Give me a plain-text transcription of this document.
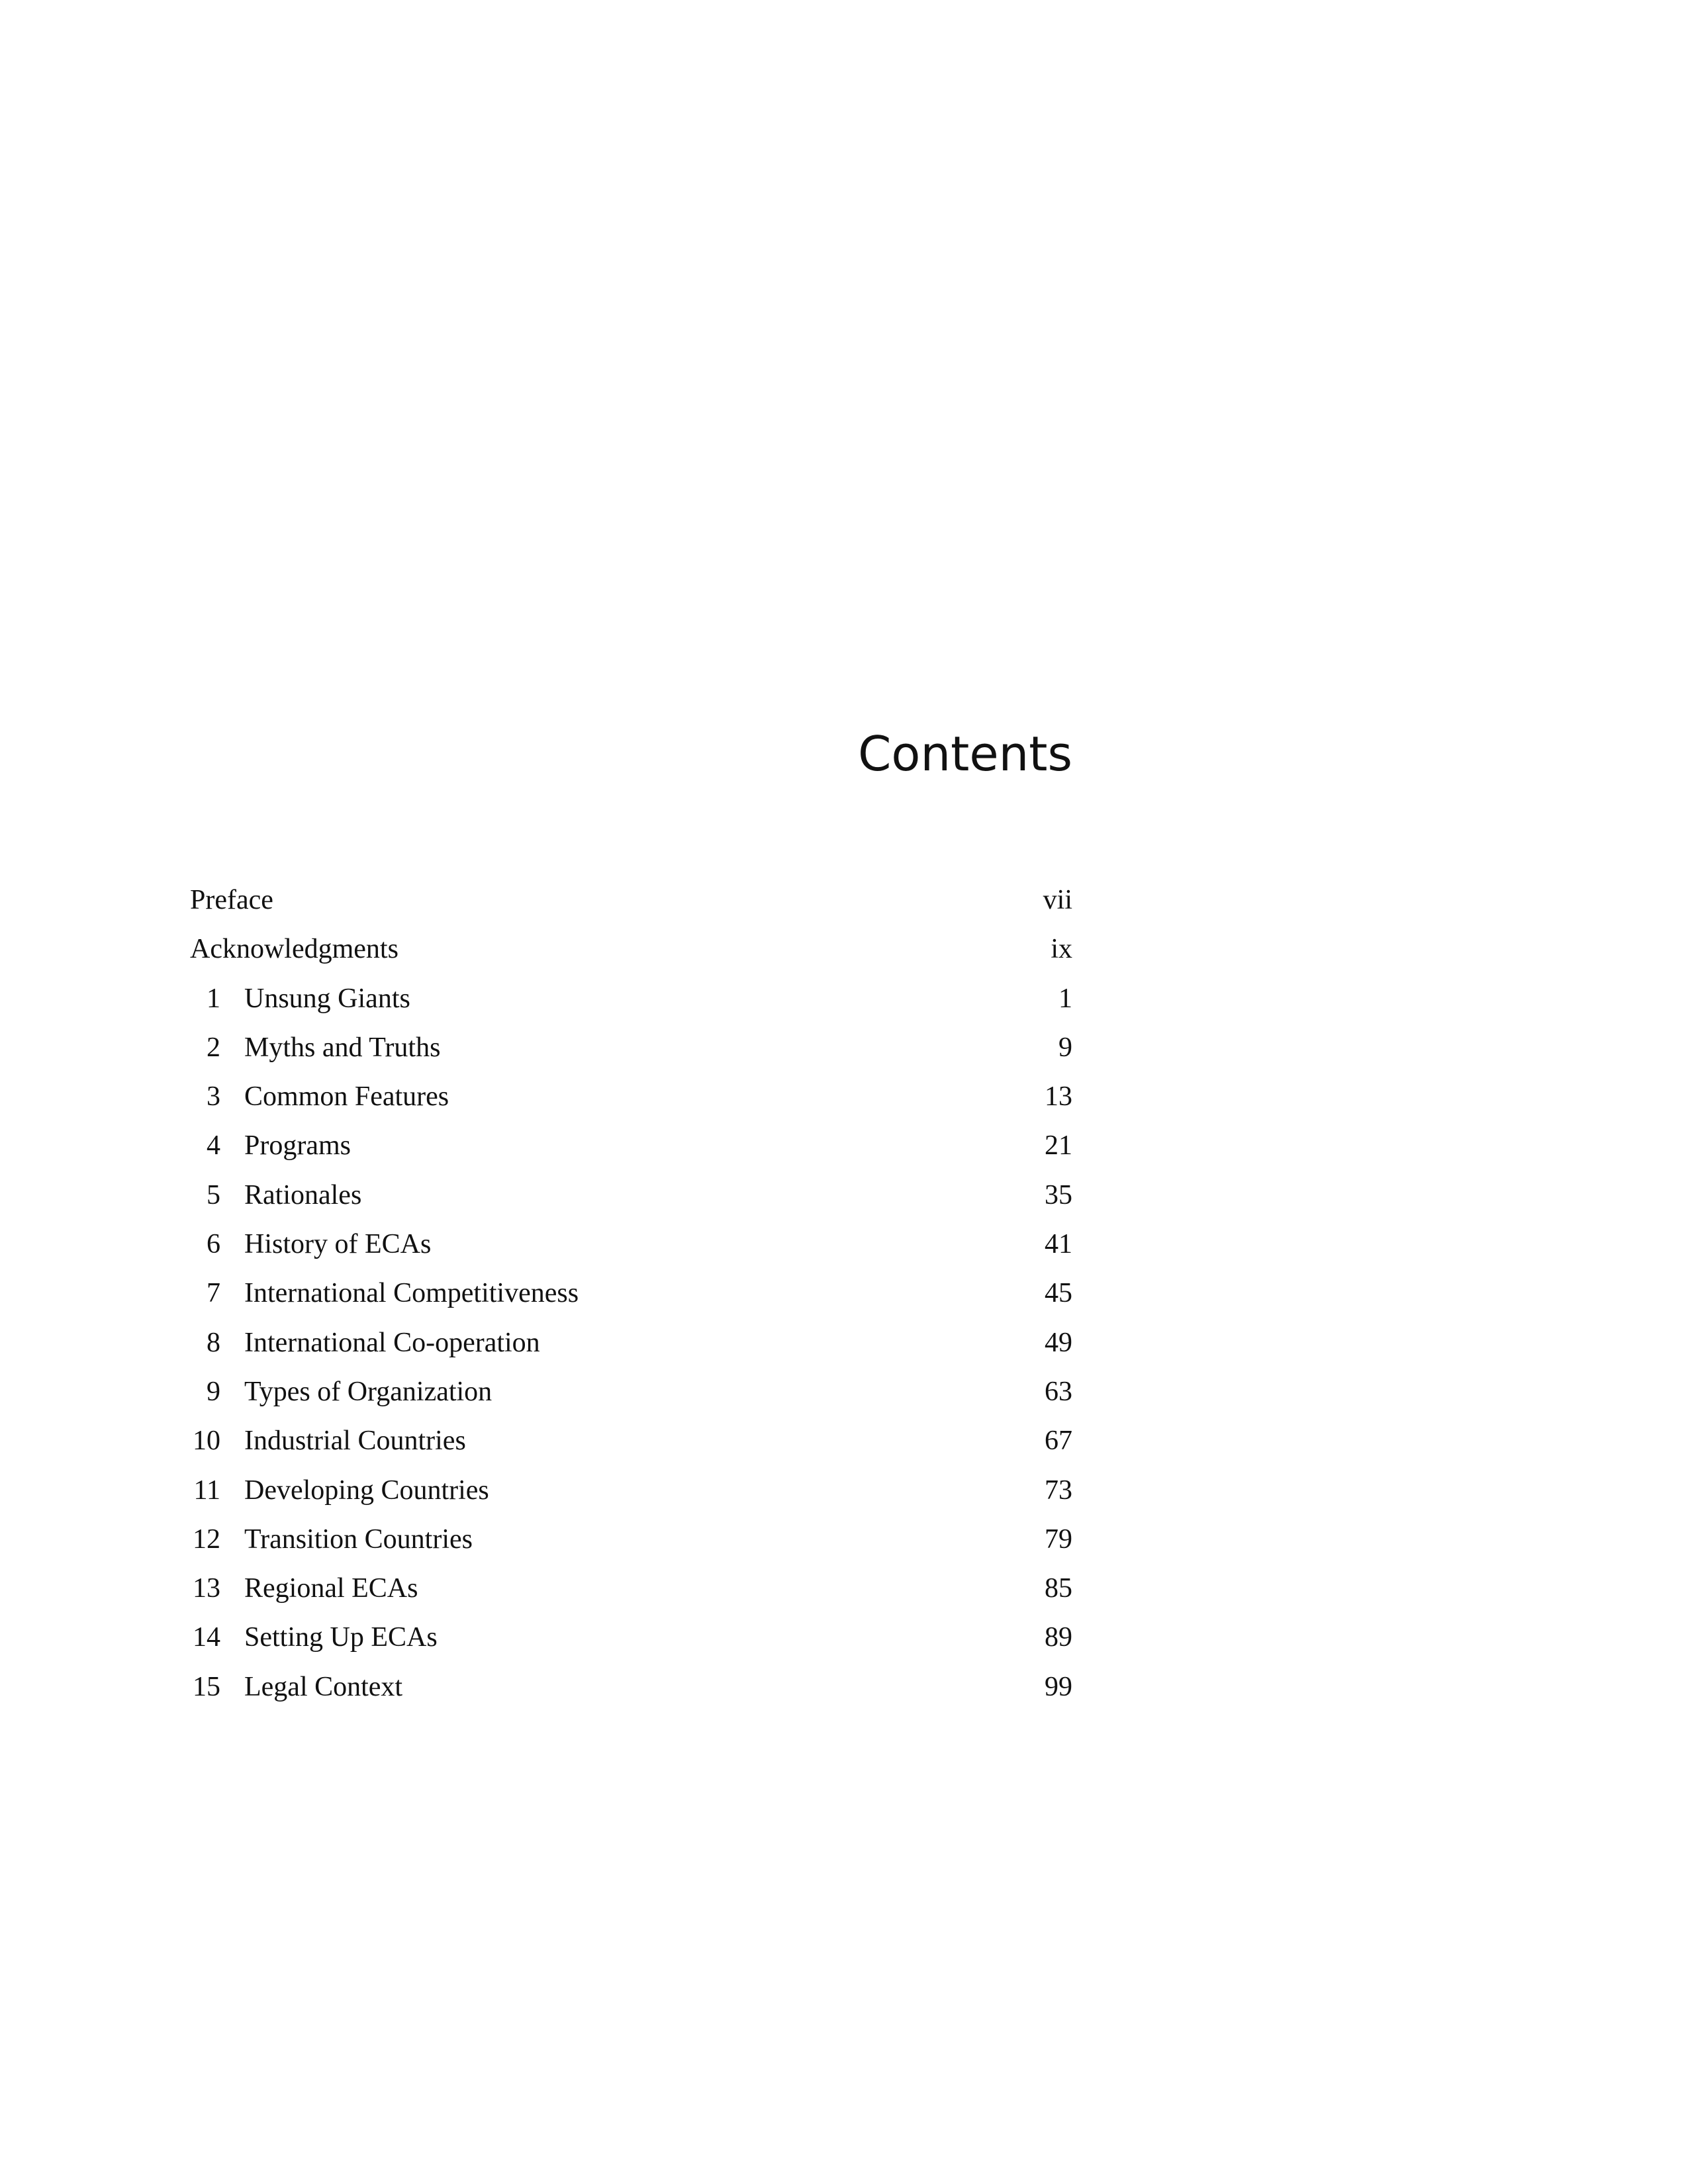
Contents
Preface	vii
Acknowledgments	ix
1 Unsung Giants	1
2 Myths and Truths	9
3 Common Features	13
4 Programs	21
5 Rationales	35
6 History of ECAs	41
7 International Competitiveness	45
8 International Co-operation	49
9 Types of Organization	63
10 Industrial Countries	67
11 Developing Countries	73
12 Transition Countries	79
13 Regional ECAs	85
14 Setting Up ECAs	89
15 Legal Context	99
